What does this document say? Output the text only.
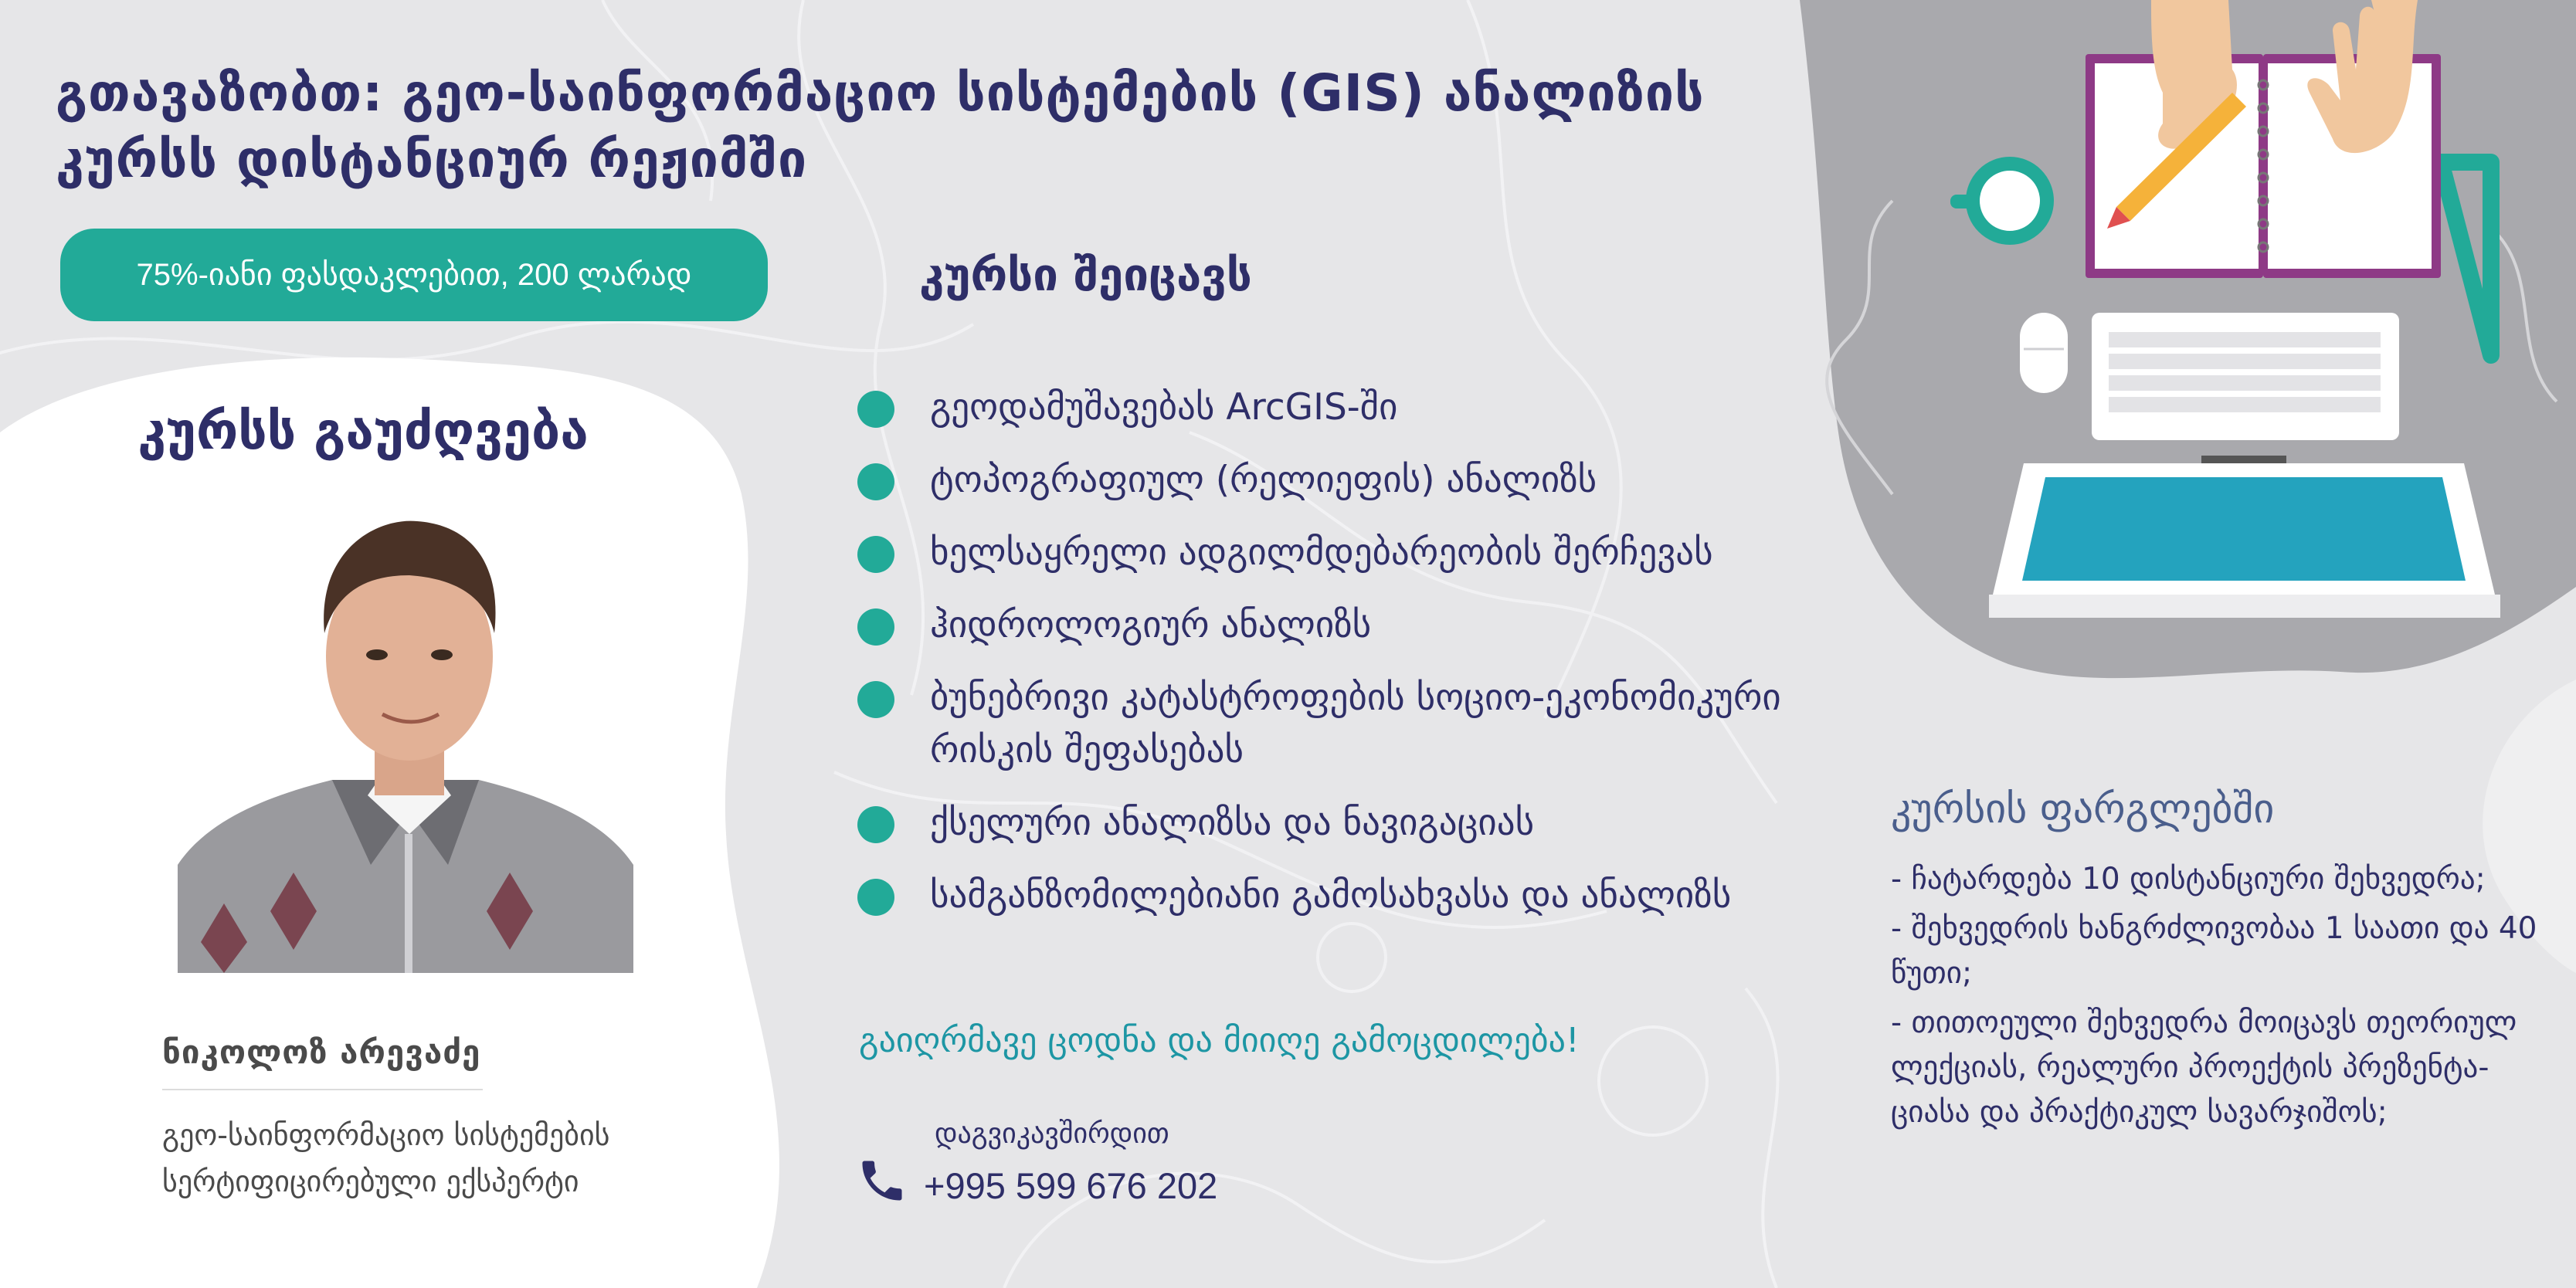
გთავაზობთ: გეო-საინფორმაციო სისტემების (GIS) ანალიზის კურსს დისტანციურ რეჟიმში
75%-იანი ფასდაკლებით, 200 ლარად
კურსს გაუძღვება
ნიკოლოზ არევაძე
გეო-საინფორმაციო სისტემების სერტიფიცირებული ექსპერტი
კურსი შეიცავს
გეოდამუშავებას ArcGIS-ში
ტოპოგრაფიულ (რელიეფის) ანალიზს
ხელსაყრელი ადგილმდებარეობის შერჩევას
ჰიდროლოგიურ ანალიზს
ბუნებრივი კატასტროფების სოციო-ეკონომიკური რისკის შეფასებას
ქსელური ანალიზსა და ნავიგაციას
სამგანზომილებიანი გამოსახვასა და ანალიზს
გაიღრმავე ცოდნა და მიიღე გამოცდილება!
დაგვიკავშირდით
+995 599 676 202
კურსის ფარგლებში
- ჩატარდება 10 დისტანციური შეხვედრა;
- შეხვედრის ხანგრძლივობაა 1 საათი და 40 წუთი;
- თითოეული შეხვედრა მოიცავს თეორიულ ლექციას, რეალური პროექტის პრეზენტა-ციასა და პრაქტიკულ სავარჯიშოს;
